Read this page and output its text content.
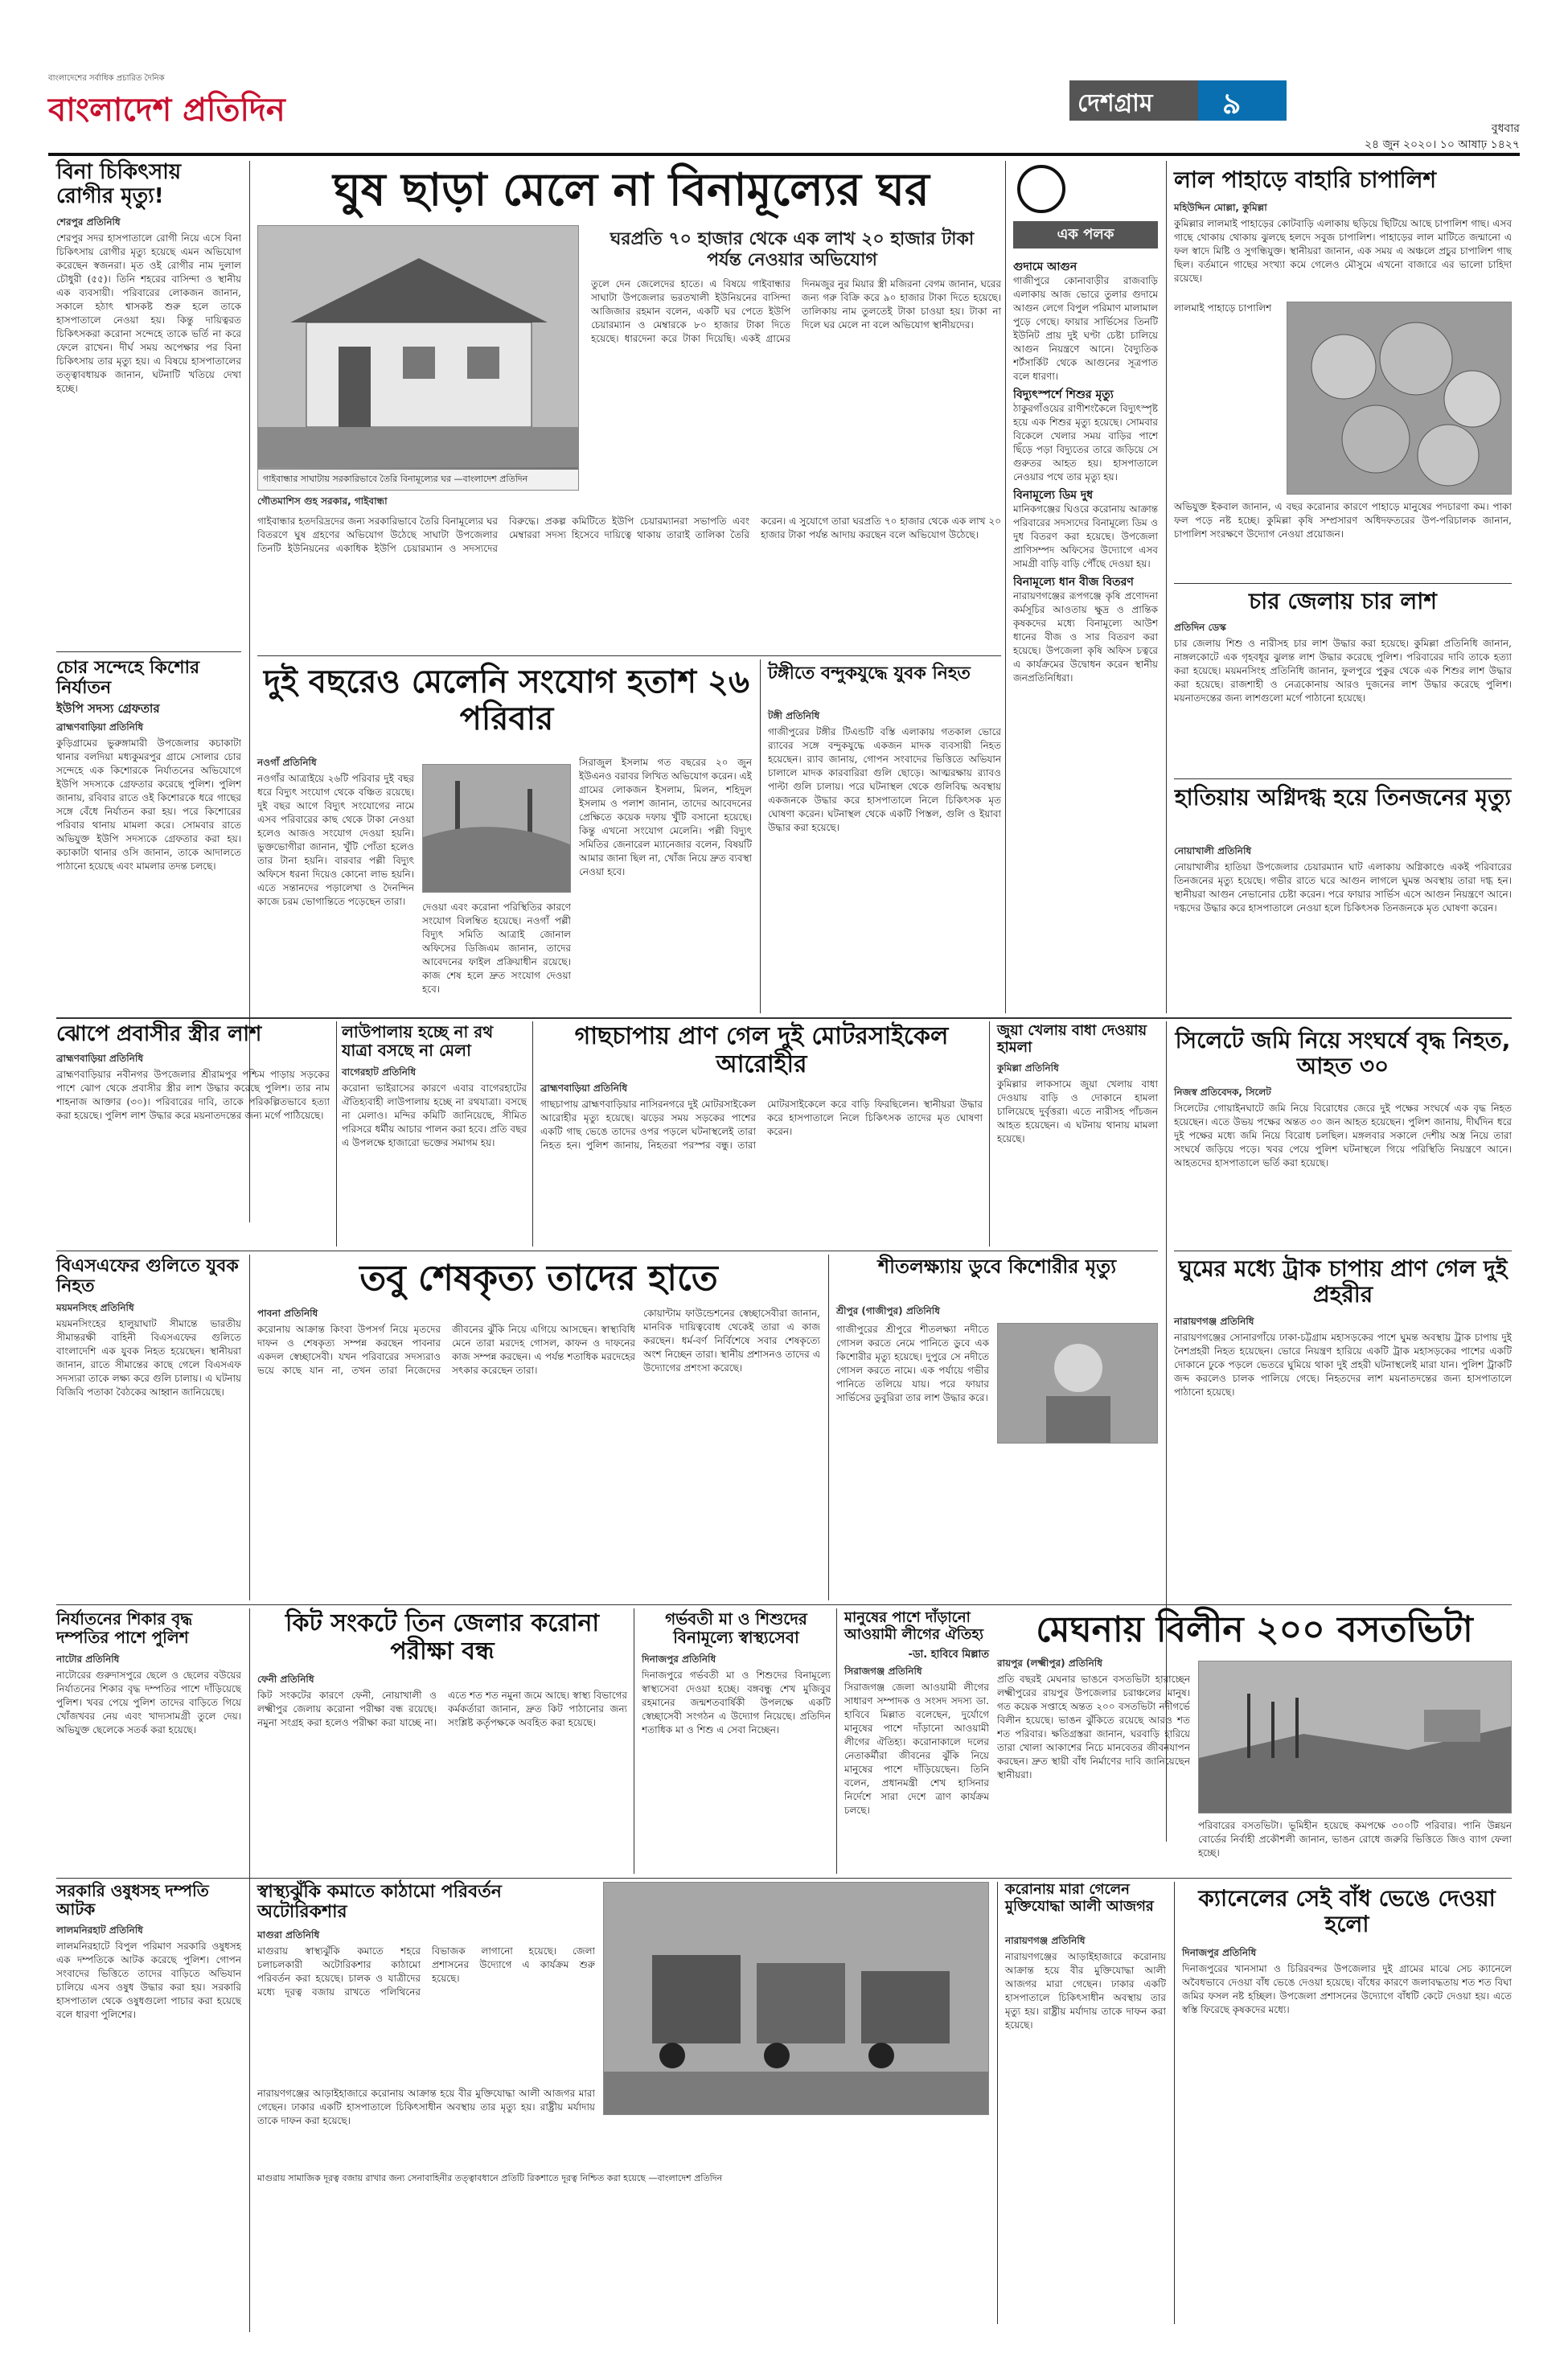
বাংলাদেশের সর্বাধিক প্রচারিত দৈনিক
বাংলাদেশ প্রতিদিন	দেশগ্রাম ৯
বুধবার
২৪ জুন ২০২০। ১০ আষাঢ় ১৪২৭
বিনা চিকিৎসায় রোগীর মৃত্যু!
শেরপুর প্রতিনিধি
শেরপুর সদর হাসপাতালে রোগী নিয়ে এসে বিনা চিকিৎসায় রোগীর মৃত্যু হয়েছে এমন অভিযোগ করেছেন স্বজনরা। মৃত ওই রোগীর নাম দুলাল চৌধুরী (৫৫)। তিনি শহরের বাসিন্দা ও স্থানীয় এক ব্যবসায়ী। পরিবারের লোকজন জানান, সকালে হঠাৎ শ্বাসকষ্ট শুরু হলে তাকে হাসপাতালে নেওয়া হয়। কিন্তু দায়িত্বরত চিকিৎসকরা করোনা সন্দেহে তাকে ভর্তি না করে ফেলে রাখেন। দীর্ঘ সময় অপেক্ষার পর বিনা চিকিৎসায় তার মৃত্যু হয়। এ বিষয়ে হাসপাতালের তত্ত্বাবধায়ক জানান, ঘটনাটি খতিয়ে দেখা হচ্ছে।
চোর সন্দেহে কিশোর নির্যাতন
ইউপি সদস্য গ্রেফতার
ব্রাহ্মণবাড়িয়া প্রতিনিধি
কুড়িগ্রামের ভুরুঙ্গামারী উপজেলার কচাকাটা থানার বলদিয়া মধ্যকুমরপুর গ্রামে সোলার চোর সন্দেহে এক কিশোরকে নির্যাতনের অভিযোগে ইউপি সদস্যকে গ্রেফতার করেছে পুলিশ। পুলিশ জানায়, রবিবার রাতে ওই কিশোরকে ধরে গাছের সঙ্গে বেঁধে নির্যাতন করা হয়। পরে কিশোরের পরিবার থানায় মামলা করে। সোমবার রাতে অভিযুক্ত ইউপি সদস্যকে গ্রেফতার করা হয়। কচাকাটা থানার ওসি জানান, তাকে আদালতে পাঠানো হয়েছে এবং মামলার তদন্ত চলছে।
ঘুষ ছাড়া মেলে না বিনামূল্যের ঘর
গাইবান্ধার সাঘাটায় সরকারিভাবে তৈরি বিনামূল্যের ঘর —বাংলাদেশ প্রতিদিন
গৌতমাশিস গুহ সরকার, গাইবান্ধা
ঘরপ্রতি ৭০ হাজার থেকে এক লাখ ২০ হাজার টাকা পর্যন্ত নেওয়ার অভিযোগ
তুলে দেন জেলেদের হাতে। এ বিষয়ে গাইবান্ধার সাঘাটা উপজেলার ভরতখালী ইউনিয়নের বাসিন্দা আজিজার রহমান বলেন, একটি ঘর পেতে ইউপি চেয়ারম্যান ও মেম্বারকে ৮০ হাজার টাকা দিতে হয়েছে। ধারদেনা করে টাকা দিয়েছি। একই গ্রামের দিনমজুর নুর মিয়ার স্ত্রী মজিরনা বেগম জানান, ঘরের জন্য গরু বিক্রি করে ৯০ হাজার টাকা দিতে হয়েছে। তালিকায় নাম তুলতেই টাকা চাওয়া হয়। টাকা না দিলে ঘর মেলে না বলে অভিযোগ স্থানীয়দের।
গাইবান্ধার হতদরিদ্রদের জন্য সরকারিভাবে তৈরি বিনামূল্যের ঘর বিতরণে ঘুষ গ্রহণের অভিযোগ উঠেছে সাঘাটা উপজেলার তিনটি ইউনিয়নের একাধিক ইউপি চেয়ারম্যান ও সদস্যদের বিরুদ্ধে। প্রকল্প কমিটিতে ইউপি চেয়ারম্যানরা সভাপতি এবং মেম্বাররা সদস্য হিসেবে দায়িত্বে থাকায় তারাই তালিকা তৈরি করেন। এ সুযোগে তারা ঘরপ্রতি ৭০ হাজার থেকে এক লাখ ২০ হাজার টাকা পর্যন্ত আদায় করছেন বলে অভিযোগ উঠেছে।
দুই বছরেও মেলেনি সংযোগ হতাশ ২৬ পরিবার
নওগাঁ প্রতিনিধি
নওগাঁর আত্রাইয়ে ২৬টি পরিবার দুই বছর ধরে বিদ্যুৎ সংযোগ থেকে বঞ্চিত রয়েছে। দুই বছর আগে বিদ্যুৎ সংযোগের নামে এসব পরিবারের কাছ থেকে টাকা নেওয়া হলেও আজও সংযোগ দেওয়া হয়নি। ভুক্তভোগীরা জানান, খুঁটি পোঁতা হলেও তার টানা হয়নি। বারবার পল্লী বিদ্যুৎ অফিসে ধরনা দিয়েও কোনো লাভ হয়নি। এতে সন্তানদের পড়ালেখা ও দৈনন্দিন কাজে চরম ভোগান্তিতে পড়েছেন তারা।
সিরাজুল ইসলাম গত বছরের ২০ জুন ইউএনও বরাবর লিখিত অভিযোগ করেন। এই গ্রামের লোকজন ইসলাম, মিলন, শহিদুল ইসলাম ও পলাশ জানান, তাদের আবেদনের প্রেক্ষিতে কয়েক দফায় খুঁটি বসানো হয়েছে। কিন্তু এখনো সংযোগ মেলেনি। পল্লী বিদ্যুৎ সমিতির জেনারেল ম্যানেজার বলেন, বিষয়টি আমার জানা ছিল না, খোঁজ নিয়ে দ্রুত ব্যবস্থা নেওয়া হবে।
দেওয়া এবং করোনা পরিস্থিতির কারণে সংযোগ বিলম্বিত হয়েছে। নওগাঁ পল্লী বিদ্যুৎ সমিতি আত্রাই জোনাল অফিসের ডিজিএম জানান, তাদের আবেদনের ফাইল প্রক্রিয়াধীন রয়েছে। কাজ শেষ হলে দ্রুত সংযোগ দেওয়া হবে।
টঙ্গীতে বন্দুকযুদ্ধে যুবক নিহত
টঙ্গী প্রতিনিধি
গাজীপুরের টঙ্গীর টিএন্ডটি বস্তি এলাকায় গতকাল ভোরে র‌্যাবের সঙ্গে বন্দুকযুদ্ধে একজন মাদক ব্যবসায়ী নিহত হয়েছেন। র‌্যাব জানায়, গোপন সংবাদের ভিত্তিতে অভিযান চালালে মাদক কারবারিরা গুলি ছোড়ে। আত্মরক্ষায় র‌্যাবও পাল্টা গুলি চালায়। পরে ঘটনাস্থল থেকে গুলিবিদ্ধ অবস্থায় একজনকে উদ্ধার করে হাসপাতালে নিলে চিকিৎসক মৃত ঘোষণা করেন। ঘটনাস্থল থেকে একটি পিস্তল, গুলি ও ইয়াবা উদ্ধার করা হয়েছে।
এক পলক
গুদামে আগুন
গাজীপুরে কোনাবাড়ীর রাজবাড়ি এলাকায় আজ ভোরে তুলার গুদামে আগুন লেগে বিপুল পরিমাণ মালামাল পুড়ে গেছে। ফায়ার সার্ভিসের তিনটি ইউনিট প্রায় দুই ঘণ্টা চেষ্টা চালিয়ে আগুন নিয়ন্ত্রণে আনে। বৈদ্যুতিক শর্টসার্কিট থেকে আগুনের সূত্রপাত বলে ধারণা।
বিদ্যুৎস্পর্শে শিশুর মৃত্যু
ঠাকুরগাঁওয়ের রাণীশংকৈলে বিদ্যুৎস্পৃষ্ট হয়ে এক শিশুর মৃত্যু হয়েছে। সোমবার বিকেলে খেলার সময় বাড়ির পাশে ছিঁড়ে পড়া বিদ্যুতের তারে জড়িয়ে সে গুরুতর আহত হয়। হাসপাতালে নেওয়ার পথে তার মৃত্যু হয়।
বিনামূল্যে ডিম দুধ
মানিকগঞ্জের ঘিওরে করোনায় আক্রান্ত পরিবারের সদস্যদের বিনামূল্যে ডিম ও দুধ বিতরণ করা হয়েছে। উপজেলা প্রাণিসম্পদ অফিসের উদ্যোগে এসব সামগ্রী বাড়ি বাড়ি পৌঁছে দেওয়া হয়।
বিনামূল্যে ধান বীজ বিতরণ
নারায়ণগঞ্জের রূপগঞ্জে কৃষি প্রণোদনা কর্মসূচির আওতায় ক্ষুদ্র ও প্রান্তিক কৃষকদের মধ্যে বিনামূল্যে আউশ ধানের বীজ ও সার বিতরণ করা হয়েছে। উপজেলা কৃষি অফিস চত্বরে এ কার্যক্রমের উদ্বোধন করেন স্থানীয় জনপ্রতিনিধিরা।
লাল পাহাড়ে বাহারি চাপালিশ
মহিউদ্দিন মোল্লা, কুমিল্লা
কুমিল্লার লালমাই পাহাড়ের কোটবাড়ি এলাকায় ছড়িয়ে ছিটিয়ে আছে চাপালিশ গাছ। এসব গাছে থোকায় থোকায় ঝুলছে হলদে সবুজ চাপালিশ। পাহাড়ের লাল মাটিতে জন্মানো এ ফল স্বাদে মিষ্টি ও সুগন্ধিযুক্ত। স্থানীয়রা জানান, এক সময় এ অঞ্চলে প্রচুর চাপালিশ গাছ ছিল। বর্তমানে গাছের সংখ্যা কমে গেলেও মৌসুমে এখনো বাজারে এর ভালো চাহিদা রয়েছে।
লালমাই পাহাড়ে চাপালিশ
অভিযুক্ত ইকবাল জানান, এ বছর করোনার কারণে পাহাড়ে মানুষের পদচারণা কম। পাকা ফল পড়ে নষ্ট হচ্ছে। কুমিল্লা কৃষি সম্প্রসারণ অধিদফতরের উপ-পরিচালক জানান, চাপালিশ সংরক্ষণে উদ্যোগ নেওয়া প্রয়োজন।
চার জেলায় চার লাশ
প্রতিদিন ডেস্ক
চার জেলায় শিশু ও নারীসহ চার লাশ উদ্ধার করা হয়েছে। কুমিল্লা প্রতিনিধি জানান, নাঙ্গলকোটে এক গৃহবধূর ঝুলন্ত লাশ উদ্ধার করেছে পুলিশ। পরিবারের দাবি তাকে হত্যা করা হয়েছে। ময়মনসিংহ প্রতিনিধি জানান, ফুলপুরে পুকুর থেকে এক শিশুর লাশ উদ্ধার করা হয়েছে। রাজশাহী ও নেত্রকোনায় আরও দুজনের লাশ উদ্ধার করেছে পুলিশ। ময়নাতদন্তের জন্য লাশগুলো মর্গে পাঠানো হয়েছে।
হাতিয়ায় অগ্নিদগ্ধ হয়ে তিনজনের মৃত্যু
নোয়াখালী প্রতিনিধি
নোয়াখালীর হাতিয়া উপজেলার চেয়ারম্যান ঘাট এলাকায় অগ্নিকাণ্ডে একই পরিবারের তিনজনের মৃত্যু হয়েছে। গভীর রাতে ঘরে আগুন লাগলে ঘুমন্ত অবস্থায় তারা দগ্ধ হন। স্থানীয়রা আগুন নেভানোর চেষ্টা করেন। পরে ফায়ার সার্ভিস এসে আগুন নিয়ন্ত্রণে আনে। দগ্ধদের উদ্ধার করে হাসপাতালে নেওয়া হলে চিকিৎসক তিনজনকে মৃত ঘোষণা করেন।
ঝোপে প্রবাসীর স্ত্রীর লাশ
ব্রাহ্মণবাড়িয়া প্রতিনিধি
ব্রাহ্মণবাড়িয়ার নবীনগর উপজেলার শ্রীরামপুর পশ্চিম পাড়ায় সড়কের পাশে ঝোপ থেকে প্রবাসীর স্ত্রীর লাশ উদ্ধার করেছে পুলিশ। তার নাম শাহনাজ আক্তার (৩০)। পরিবারের দাবি, তাকে পরিকল্পিতভাবে হত্যা করা হয়েছে। পুলিশ লাশ উদ্ধার করে ময়নাতদন্তের জন্য মর্গে পাঠিয়েছে।
লাউপালায় হচ্ছে না রথ যাত্রা বসছে না মেলা
বাগেরহাট প্রতিনিধি
করোনা ভাইরাসের কারণে এবার বাগেরহাটের ঐতিহ্যবাহী লাউপালায় হচ্ছে না রথযাত্রা। বসছে না মেলাও। মন্দির কমিটি জানিয়েছে, সীমিত পরিসরে ধর্মীয় আচার পালন করা হবে। প্রতি বছর এ উপলক্ষে হাজারো ভক্তের সমাগম হয়।
গাছচাপায় প্রাণ গেল দুই মোটরসাইকেল আরোহীর
ব্রাহ্মণবাড়িয়া প্রতিনিধি
গাছচাপায় ব্রাহ্মণবাড়িয়ার নাসিরনগরে দুই মোটরসাইকেল আরোহীর মৃত্যু হয়েছে। ঝড়ের সময় সড়কের পাশের একটি গাছ ভেঙে তাদের ওপর পড়লে ঘটনাস্থলেই তারা নিহত হন। পুলিশ জানায়, নিহতরা পরস্পর বন্ধু। তারা মোটরসাইকেলে করে বাড়ি ফিরছিলেন। স্থানীয়রা উদ্ধার করে হাসপাতালে নিলে চিকিৎসক তাদের মৃত ঘোষণা করেন।
জুয়া খেলায় বাধা দেওয়ায় হামলা
কুমিল্লা প্রতিনিধি
কুমিল্লার লাকসামে জুয়া খেলায় বাধা দেওয়ায় বাড়ি ও দোকানে হামলা চালিয়েছে দুর্বৃত্তরা। এতে নারীসহ পাঁচজন আহত হয়েছেন। এ ঘটনায় থানায় মামলা হয়েছে।
সিলেটে জমি নিয়ে সংঘর্ষে বৃদ্ধ নিহত, আহত ৩০
নিজস্ব প্রতিবেদক, সিলেট
সিলেটের গোয়াইনঘাটে জমি নিয়ে বিরোধের জেরে দুই পক্ষের সংঘর্ষে এক বৃদ্ধ নিহত হয়েছেন। এতে উভয় পক্ষের অন্তত ৩০ জন আহত হয়েছেন। পুলিশ জানায়, দীর্ঘদিন ধরে দুই পক্ষের মধ্যে জমি নিয়ে বিরোধ চলছিল। মঙ্গলবার সকালে দেশীয় অস্ত্র নিয়ে তারা সংঘর্ষে জড়িয়ে পড়ে। খবর পেয়ে পুলিশ ঘটনাস্থলে গিয়ে পরিস্থিতি নিয়ন্ত্রণে আনে। আহতদের হাসপাতালে ভর্তি করা হয়েছে।
ঘুমের মধ্যে ট্রাক চাপায় প্রাণ গেল দুই প্রহরীর
নারায়ণগঞ্জ প্রতিনিধি
নারায়ণগঞ্জের সোনারগাঁয়ে ঢাকা-চট্টগ্রাম মহাসড়কের পাশে ঘুমন্ত অবস্থায় ট্রাক চাপায় দুই নৈশপ্রহরী নিহত হয়েছেন। ভোরে নিয়ন্ত্রণ হারিয়ে একটি ট্রাক মহাসড়কের পাশের একটি দোকানে ঢুকে পড়লে ভেতরে ঘুমিয়ে থাকা দুই প্রহরী ঘটনাস্থলেই মারা যান। পুলিশ ট্রাকটি জব্দ করলেও চালক পালিয়ে গেছে। নিহতদের লাশ ময়নাতদন্তের জন্য হাসপাতালে পাঠানো হয়েছে।
বিএসএফের গুলিতে যুবক নিহত
ময়মনসিংহ প্রতিনিধি
ময়মনসিংহের হালুয়াঘাট সীমান্তে ভারতীয় সীমান্তরক্ষী বাহিনী বিএসএফের গুলিতে বাংলাদেশি এক যুবক নিহত হয়েছেন। স্থানীয়রা জানান, রাতে সীমান্তের কাছে গেলে বিএসএফ সদস্যরা তাকে লক্ষ্য করে গুলি চালায়। এ ঘটনায় বিজিবি পতাকা বৈঠকের আহ্বান জানিয়েছে।
তবু শেষকৃত্য তাদের হাতে
পাবনা প্রতিনিধি
করোনায় আক্রান্ত কিংবা উপসর্গ নিয়ে মৃতদের দাফন ও শেষকৃত্য সম্পন্ন করছেন পাবনার একদল স্বেচ্ছাসেবী। যখন পরিবারের সদস্যরাও ভয়ে কাছে যান না, তখন তারা নিজেদের জীবনের ঝুঁকি নিয়ে এগিয়ে আসছেন। স্বাস্থ্যবিধি মেনে তারা মরদেহ গোসল, কাফন ও দাফনের কাজ সম্পন্ন করছেন। এ পর্যন্ত শতাধিক মরদেহের সৎকার করেছেন তারা।
কোয়ান্টাম ফাউন্ডেশনের স্বেচ্ছাসেবীরা জানান, মানবিক দায়িত্ববোধ থেকেই তারা এ কাজ করছেন। ধর্ম-বর্ণ নির্বিশেষে সবার শেষকৃত্যে অংশ নিচ্ছেন তারা। স্থানীয় প্রশাসনও তাদের এ উদ্যোগের প্রশংসা করেছে।
শীতলক্ষ্যায় ডুবে কিশোরীর মৃত্যু
শ্রীপুর (গাজীপুর) প্রতিনিধি
গাজীপুরের শ্রীপুরে শীতলক্ষ্যা নদীতে গোসল করতে নেমে পানিতে ডুবে এক কিশোরীর মৃত্যু হয়েছে। দুপুরে সে নদীতে গোসল করতে নামে। এক পর্যায়ে গভীর পানিতে তলিয়ে যায়। পরে ফায়ার সার্ভিসের ডুবুরিরা তার লাশ উদ্ধার করে।
নির্যাতনের শিকার বৃদ্ধ দম্পতির পাশে পুলিশ
নাটোর প্রতিনিধি
নাটোরের গুরুদাসপুরে ছেলে ও ছেলের বউয়ের নির্যাতনের শিকার বৃদ্ধ দম্পতির পাশে দাঁড়িয়েছে পুলিশ। খবর পেয়ে পুলিশ তাদের বাড়িতে গিয়ে খোঁজখবর নেয় এবং খাদ্যসামগ্রী তুলে দেয়। অভিযুক্ত ছেলেকে সতর্ক করা হয়েছে।
কিট সংকটে তিন জেলার করোনা পরীক্ষা বন্ধ
ফেনী প্রতিনিধি
কিট সংকটের কারণে ফেনী, নোয়াখালী ও লক্ষ্মীপুর জেলায় করোনা পরীক্ষা বন্ধ রয়েছে। নমুনা সংগ্রহ করা হলেও পরীক্ষা করা যাচ্ছে না। এতে শত শত নমুনা জমে আছে। স্বাস্থ্য বিভাগের কর্মকর্তারা জানান, দ্রুত কিট পাঠানোর জন্য সংশ্লিষ্ট কর্তৃপক্ষকে অবহিত করা হয়েছে।
গর্ভবতী মা ও শিশুদের বিনামূল্যে স্বাস্থ্যসেবা
দিনাজপুর প্রতিনিধি
দিনাজপুরে গর্ভবতী মা ও শিশুদের বিনামূল্যে স্বাস্থ্যসেবা দেওয়া হচ্ছে। বঙ্গবন্ধু শেখ মুজিবুর রহমানের জন্মশতবার্ষিকী উপলক্ষে একটি স্বেচ্ছাসেবী সংগঠন এ উদ্যোগ নিয়েছে। প্রতিদিন শতাধিক মা ও শিশু এ সেবা নিচ্ছেন।
মানুষের পাশে দাঁড়ানো আওয়ামী লীগের ঐতিহ্য
-ডা. হাবিবে মিল্লাত
সিরাজগঞ্জ প্রতিনিধি
সিরাজগঞ্জ জেলা আওয়ামী লীগের সাধারণ সম্পাদক ও সংসদ সদস্য ডা. হাবিবে মিল্লাত বলেছেন, দুর্যোগে মানুষের পাশে দাঁড়ানো আওয়ামী লীগের ঐতিহ্য। করোনাকালে দলের নেতাকর্মীরা জীবনের ঝুঁকি নিয়ে মানুষের পাশে দাঁড়িয়েছেন। তিনি বলেন, প্রধানমন্ত্রী শেখ হাসিনার নির্দেশে সারা দেশে ত্রাণ কার্যক্রম চলছে।
মেঘনায় বিলীন ২০০ বসতভিটা
রায়পুর (লক্ষ্মীপুর) প্রতিনিধি
প্রতি বছরই মেঘনার ভাঙনে বসতভিটা হারাচ্ছেন লক্ষ্মীপুরের রায়পুর উপজেলার চরাঞ্চলের মানুষ। গত কয়েক সপ্তাহে অন্তত ২০০ বসতভিটা নদীগর্ভে বিলীন হয়েছে। ভাঙন ঝুঁকিতে রয়েছে আরও শত শত পরিবার। ক্ষতিগ্রস্তরা জানান, ঘরবাড়ি হারিয়ে তারা খোলা আকাশের নিচে মানবেতর জীবনযাপন করছেন। দ্রুত স্থায়ী বাঁধ নির্মাণের দাবি জানিয়েছেন স্থানীয়রা।
পরিবারের বসতভিটা। ভূমিহীন হয়েছে কমপক্ষে ৩০০টি পরিবার। পানি উন্নয়ন বোর্ডের নির্বাহী প্রকৌশলী জানান, ভাঙন রোধে জরুরি ভিত্তিতে জিও ব্যাগ ফেলা হচ্ছে।
সরকারি ওষুধসহ দম্পতি আটক
লালমনিরহাট প্রতিনিধি
লালমনিরহাটে বিপুল পরিমাণ সরকারি ওষুধসহ এক দম্পতিকে আটক করেছে পুলিশ। গোপন সংবাদের ভিত্তিতে তাদের বাড়িতে অভিযান চালিয়ে এসব ওষুধ উদ্ধার করা হয়। সরকারি হাসপাতাল থেকে ওষুধগুলো পাচার করা হয়েছে বলে ধারণা পুলিশের।
স্বাস্থ্যঝুঁকি কমাতে কাঠামো পরিবর্তন অটোরিকশার
মাগুরা প্রতিনিধি
মাগুরায় স্বাস্থ্যঝুঁকি কমাতে শহরে চলাচলকারী অটোরিকশার কাঠামো পরিবর্তন করা হয়েছে। চালক ও যাত্রীদের মধ্যে দূরত্ব বজায় রাখতে পলিথিনের বিভাজক লাগানো হয়েছে। জেলা প্রশাসনের উদ্যোগে এ কার্যক্রম শুরু হয়েছে।
নারায়ণগঞ্জের আড়াইহাজারে করোনায় আক্রান্ত হয়ে বীর মুক্তিযোদ্ধা আলী আজগর মারা গেছেন। ঢাকার একটি হাসপাতালে চিকিৎসাধীন অবস্থায় তার মৃত্যু হয়। রাষ্ট্রীয় মর্যাদায় তাকে দাফন করা হয়েছে।
মাগুরায় সামাজিক দূরত্ব বজায় রাখার জন্য সেনাবাহিনীর তত্ত্বাবধানে প্রতিটি রিকশাতে দূরত্ব নিশ্চিত করা হয়েছে —বাংলাদেশ প্রতিদিন
করোনায় মারা গেলেন মুক্তিযোদ্ধা আলী আজগর
নারায়ণগঞ্জ প্রতিনিধি
নারায়ণগঞ্জের আড়াইহাজারে করোনায় আক্রান্ত হয়ে বীর মুক্তিযোদ্ধা আলী আজগর মারা গেছেন। ঢাকার একটি হাসপাতালে চিকিৎসাধীন অবস্থায় তার মৃত্যু হয়। রাষ্ট্রীয় মর্যাদায় তাকে দাফন করা হয়েছে।
ক্যানেলের সেই বাঁধ ভেঙে দেওয়া হলো
দিনাজপুর প্রতিনিধি
দিনাজপুরের খানসামা ও চিরিরবন্দর উপজেলার দুই গ্রামের মাঝে সেচ ক্যানেলে অবৈধভাবে দেওয়া বাঁধ ভেঙে দেওয়া হয়েছে। বাঁধের কারণে জলাবদ্ধতায় শত শত বিঘা জমির ফসল নষ্ট হচ্ছিল। উপজেলা প্রশাসনের উদ্যোগে বাঁধটি কেটে দেওয়া হয়। এতে স্বস্তি ফিরেছে কৃষকদের মধ্যে।
